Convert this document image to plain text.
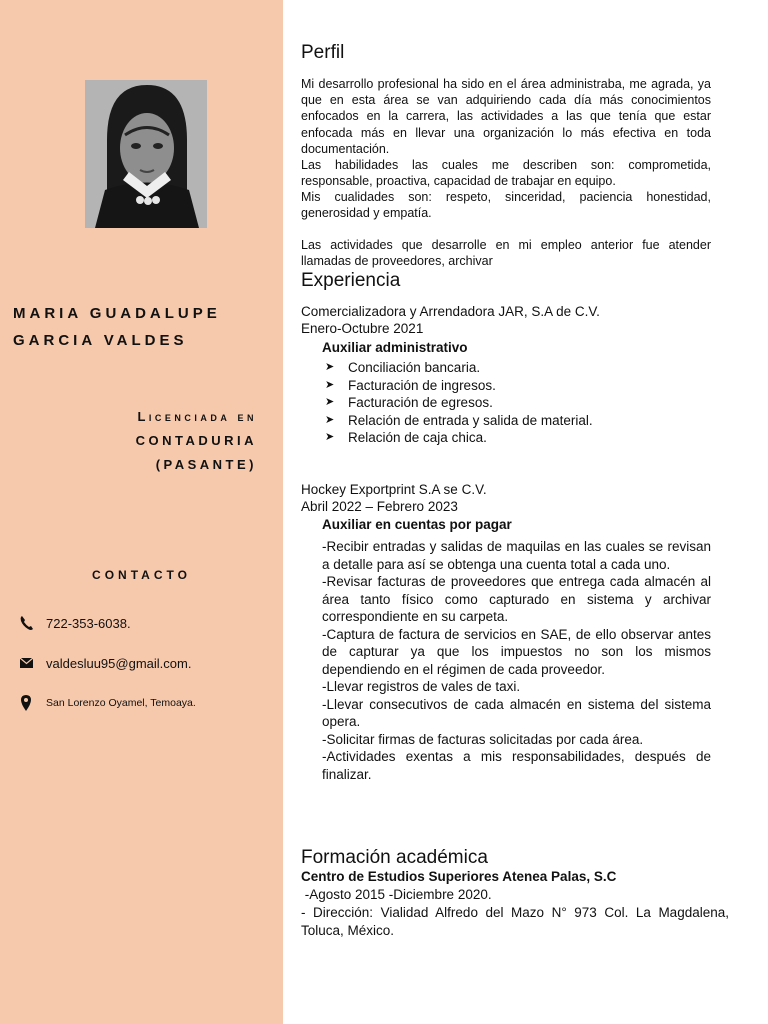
MARIA GUADALUPE
GARCIA VALDES
Licenciada en
CONTADURIA
(PASANTE)
CONTACTO
722-353-6038.
valdesluu95@gmail.com.
San Lorenzo Oyamel, Temoaya.
Perfil
Mi desarrollo profesional ha sido en el área administraba, me agrada, ya que en esta área se van adquiriendo cada día más conocimientos enfocados en la carrera, las actividades a las que tenía que estar enfocada más en llevar una organización lo más efectiva en toda documentación.
Las habilidades las cuales me describen son: comprometida, responsable, proactiva, capacidad de trabajar en equipo.
Mis cualidades son: respeto, sinceridad, paciencia honestidad, generosidad y empatía.
Las actividades que desarrolle en mi empleo anterior fue atender llamadas de proveedores, archivar
Experiencia
Comercializadora y Arrendadora JAR, S.A de C.V.
Enero-Octubre 2021
Auxiliar administrativo
➤	Conciliación bancaria.
➤	Facturación de ingresos.
➤	Facturación de egresos.
➤	Relación de entrada y salida de material.
➤	Relación de caja chica.
Hockey Exportprint S.A se C.V.
Abril 2022 – Febrero 2023
Auxiliar en cuentas por pagar
-Recibir entradas y salidas de maquilas en las cuales se revisan a detalle para así se obtenga una cuenta total a cada uno.
-Revisar facturas de proveedores que entrega cada almacén al área tanto físico como capturado en sistema y archivar correspondiente en su carpeta.
-Captura de factura de servicios en SAE, de ello observar antes de capturar ya que los impuestos no son los mismos dependiendo en el régimen de cada proveedor.
-Llevar registros de vales de taxi.
-Llevar consecutivos de cada almacén en sistema del sistema opera.
-Solicitar firmas de facturas solicitadas por cada área.
-Actividades exentas a mis responsabilidades, después de finalizar.
Formación académica
Centro de Estudios Superiores Atenea Palas, S.C
-Agosto 2015 -Diciembre 2020.
- Dirección: Vialidad Alfredo del Mazo N° 973 Col. La Magdalena, Toluca, México.
